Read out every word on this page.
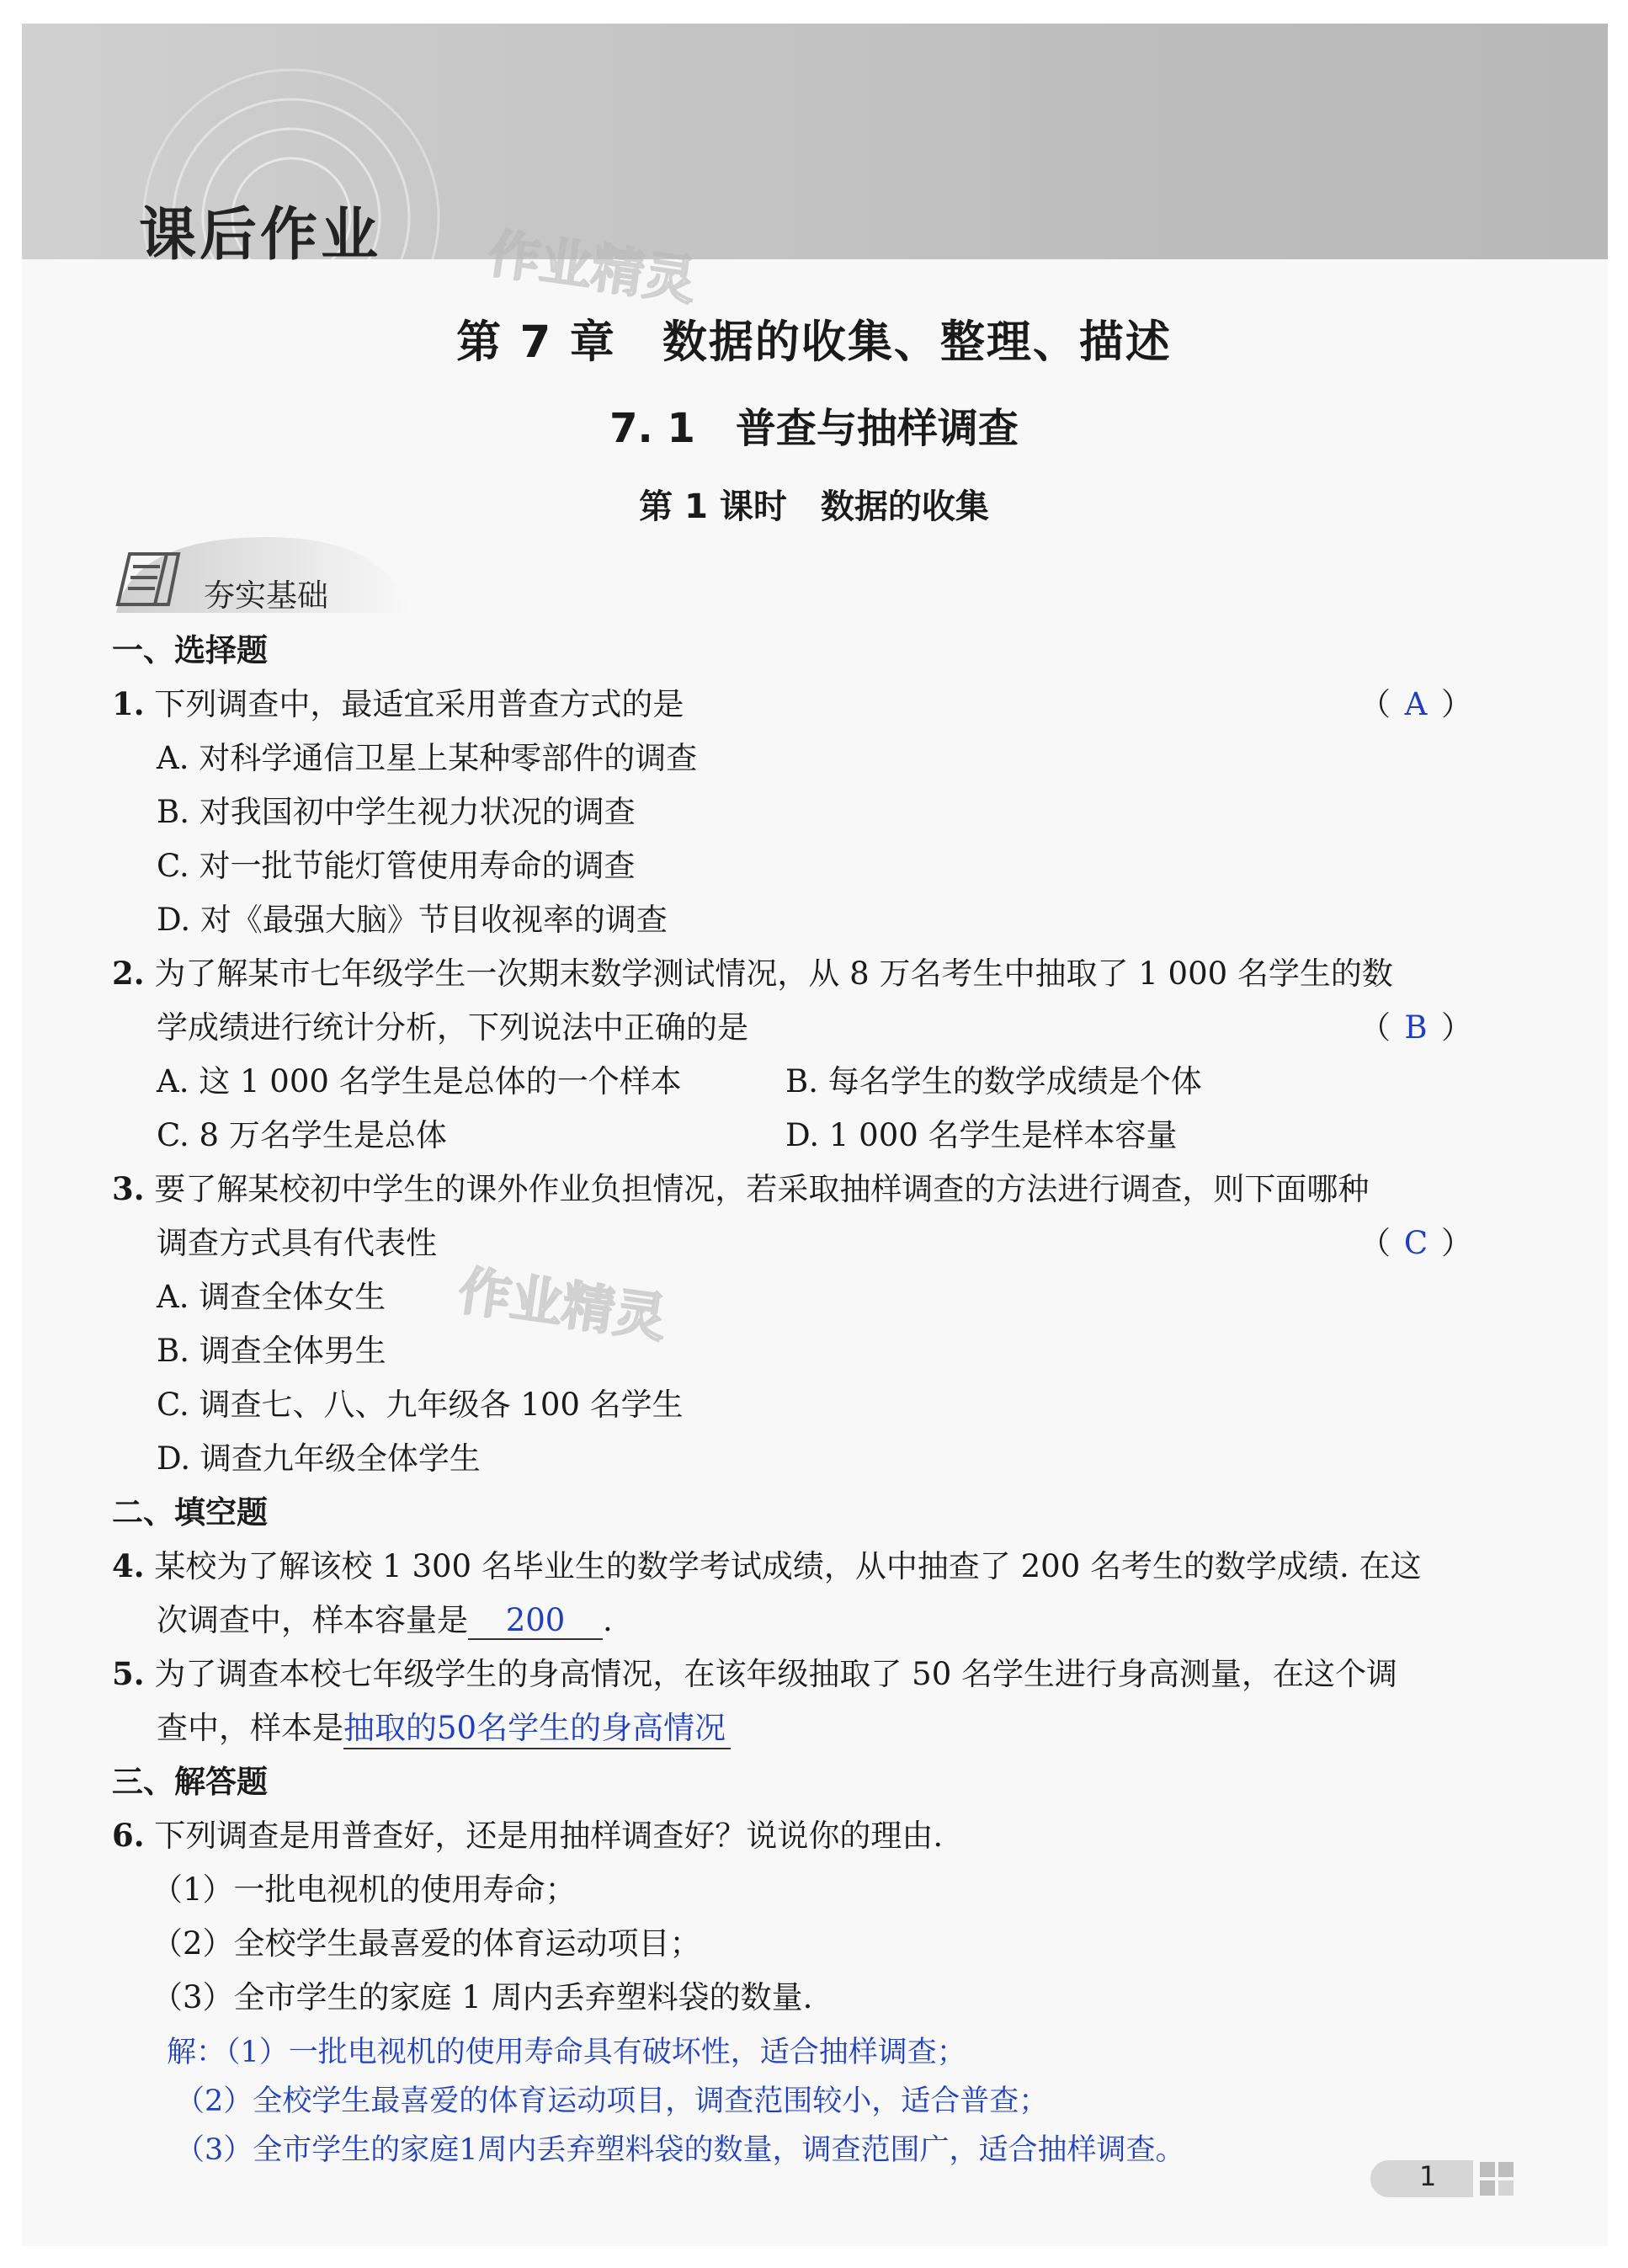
课后作业 作业精灵
第 7 章　数据的收集、整理、描述
7. 1　普查与抽样调查
第 1 课时　数据的收集
夯实基础
一、选择题
1. 下列调查中，最适宜采用普查方式的是	（ A ）
A. 对科学通信卫星上某种零部件的调查
B. 对我国初中学生视力状况的调查
C. 对一批节能灯管使用寿命的调查
D. 对《最强大脑》节目收视率的调查
2. 为了解某市七年级学生一次期末数学测试情况，从 8 万名考生中抽取了 1 000 名学生的数
学成绩进行统计分析，下列说法中正确的是	（ B ）
A. 这 1 000 名学生是总体的一个样本	B. 每名学生的数学成绩是个体
C. 8 万名学生是总体	D. 1 000 名学生是样本容量
3. 要了解某校初中学生的课外作业负担情况，若采取抽样调查的方法进行调查，则下面哪种
调查方式具有代表性	（ C ）
A. 调查全体女生 作业精灵
B. 调查全体男生
C. 调查七、八、九年级各 100 名学生
D. 调查九年级全体学生
二、填空题
4. 某校为了解该校 1 300 名毕业生的数学考试成绩，从中抽查了 200 名考生的数学成绩. 在这
次调查中，样本容量是 200 .
5. 为了调查本校七年级学生的身高情况，在该年级抽取了 50 名学生进行身高测量，在这个调
查中，样本是抽取的50名学生的身高情况
三、解答题
6. 下列调查是用普查好，还是用抽样调查好？说说你的理由.
（1）一批电视机的使用寿命；
（2）全校学生最喜爱的体育运动项目；
（3）全市学生的家庭 1 周内丢弃塑料袋的数量.
解：（1）一批电视机的使用寿命具有破坏性，适合抽样调查；
（2）全校学生最喜爱的体育运动项目，调查范围较小，适合普查；
（3）全市学生的家庭1周内丢弃塑料袋的数量，调查范围广，适合抽样调查。
1
